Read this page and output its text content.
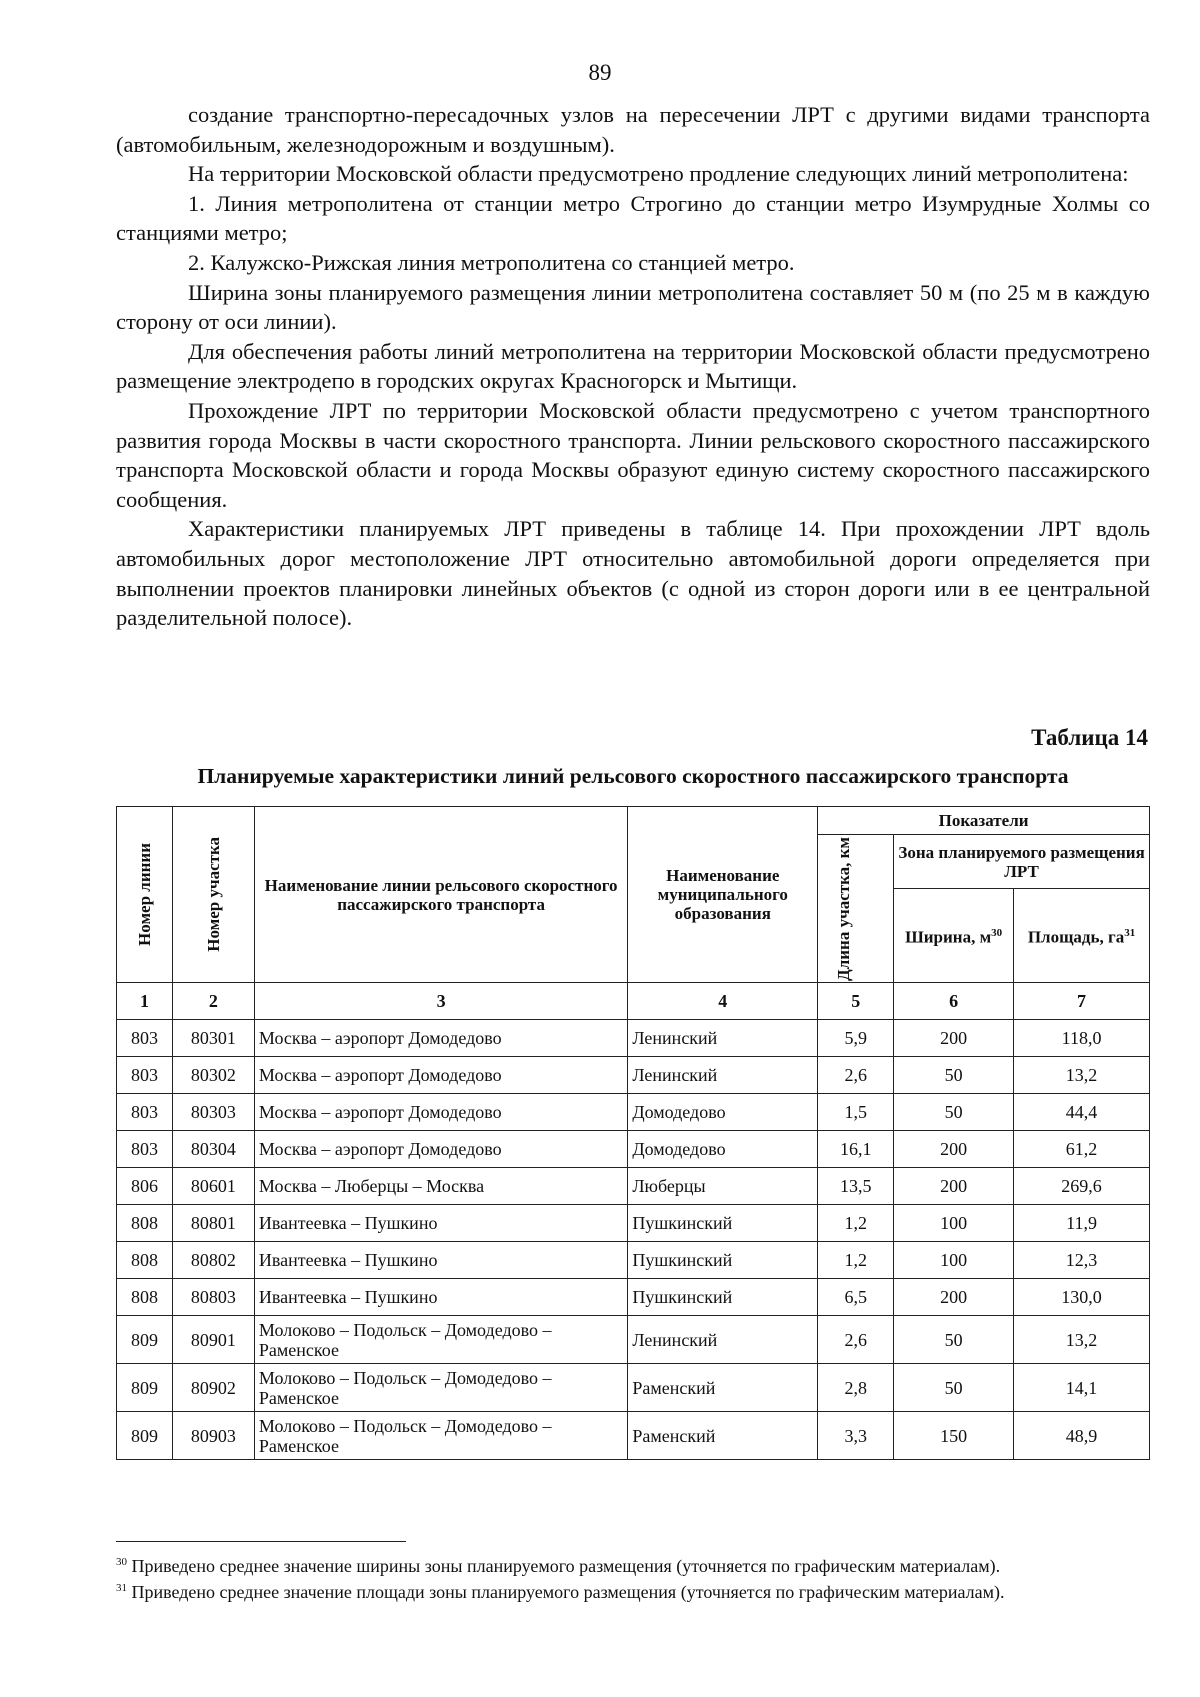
89

создание транспортно-пересадочных узлов на пересечении ЛРТ с другими видами транспорта (автомобильным, железнодорожным и воздушным).

На территории Московской области предусмотрено продление следующих линий метрополитена:

1. Линия метрополитена от станции метро Строгино до станции метро Изумрудные Холмы со станциями метро;

2. Калужско-Рижская линия метрополитена со станцией метро.

Ширина зоны планируемого размещения линии метрополитена составляет 50 м (по 25 м в каждую сторону от оси линии).

Для обеспечения работы линий метрополитена на территории Московской области предусмотрено размещение электродепо в городских округах Красногорск и Мытищи.

Прохождение ЛРТ по территории Московской области предусмотрено с учетом транспортного развития города Москвы в части скоростного транспорта. Линии рельскового скоростного пассажирского транспорта Московской области и города Москвы образуют единую систему скоростного пассажирского сообщения.

Характеристики планируемых ЛРТ приведены в таблице 14. При прохождении ЛРТ вдоль автомобильных дорог местоположение ЛРТ относительно автомобильной дороги определяется при выполнении проектов планировки линейных объектов (с одной из сторон дороги или в ее центральной разделительной полосе).

Таблица 14
Планируемые характеристики линий рельсового скоростного пассажирского транспорта
Номер линии	Номер участка	Наименование линии рельсового скоростного пассажирского транспорта	Наименование муниципального образования	Показатели		

				Длина участка, км	Зона планируемого размещения ЛРТ	
					Ширина, $м^{30}$	Площадь, $га^{31}$
1	2	3	4	5	6	7
803	80301	Москва – аэропорт Домодедово	Ленинский	5,9	200	118,0
803	80302	Москва – аэропорт Домодедово	Ленинский	2,6	50	13,2
803	80303	Москва – аэропорт Домодедово	Домодедово	1,5	50	44,4
803	80304	Москва – аэропорт Домодедово	Домодедово	16,1	200	61,2
806	80601	Москва – Люберцы – Москва	Люберцы	13,5	200	269,6
808	80801	Ивантеевка – Пушкино	Пушкинский	1,2	100	11,9
808	80802	Ивантеевка – Пушкино	Пушкинский	1,2	100	12,3
808	80803	Ивантеевка – Пушкино	Пушкинский	6,5	200	130,0
809	80901	Молоково – Подольск – Домодедово – Раменское	Ленинский	2,6	50	13,2
809	80902	Молоково – Подольск – Домодедово – Раменское	Раменский	2,8	50	14,1
809	80903	Молоково – Подольск – Домодедово – Раменское	Раменский	3,3	150	48,9
$^{30}$ Приведено среднее значение ширины зоны планируемого размещения (уточняется по графическим материалам).
$^{31}$ Приведено среднее значение площади зоны планируемого размещения (уточняется по графическим материалам).
